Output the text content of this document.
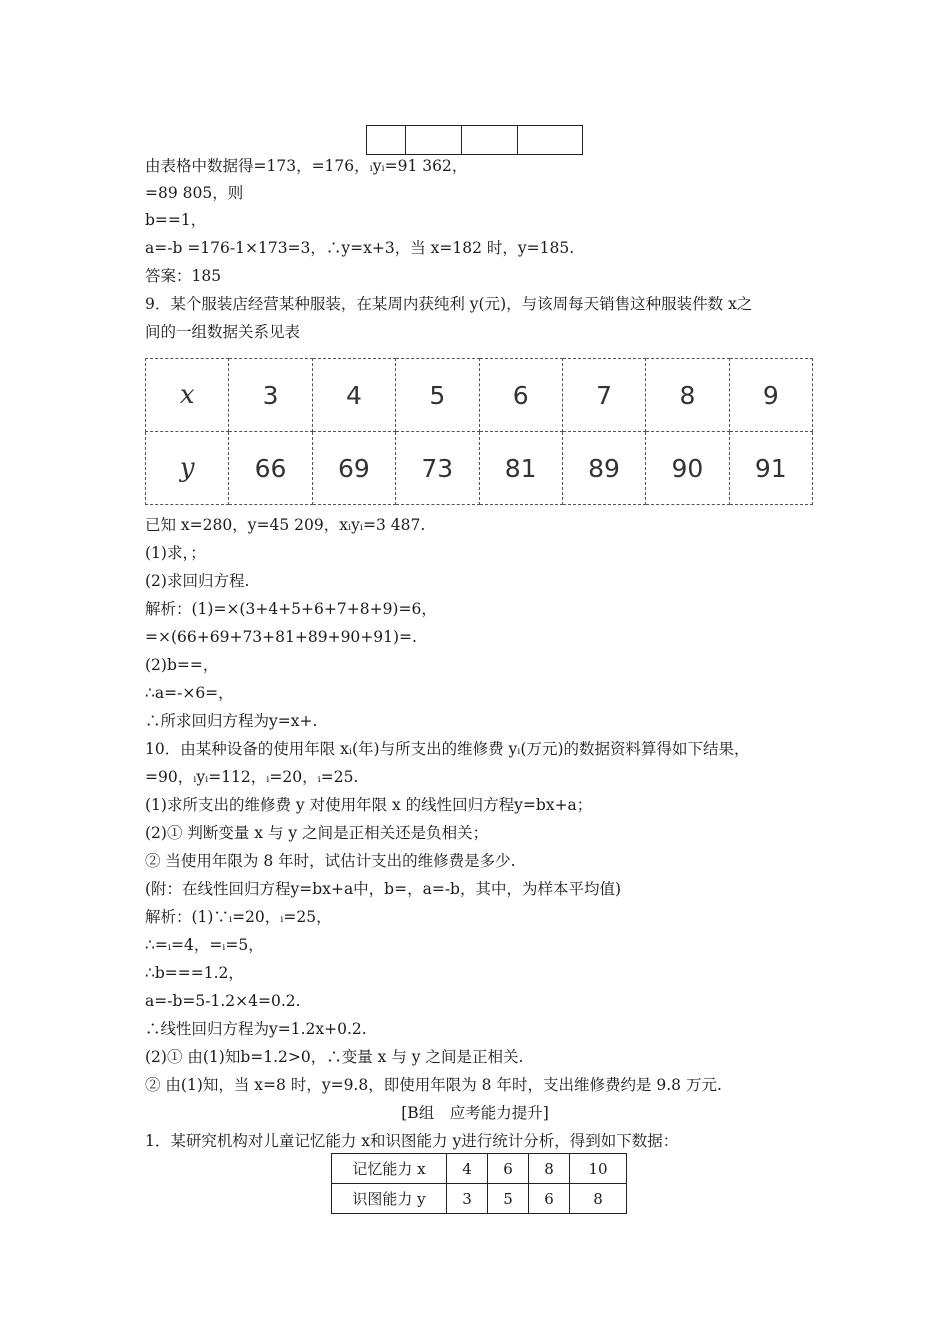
由表格中数据得=173，=176，ᵢyᵢ=91 362，
=89 805，则
b==1，
a=-b =176-1×173=3，∴y=x+3，当 x=182 时，y=185.
答案：185
9．某个服装店经营某种服装，在某周内获纯利 y(元)，与该周每天销售这种服装件数 x之
间的一组数据关系见表
x	3	4	5	6	7	8	9
y	66	69	73	81	89	90	91
已知 x=280，y=45 209，xᵢyᵢ=3 487.
(1)求，；
(2)求回归方程.
解析：(1)=×(3+4+5+6+7+8+9)=6，
=×(66+69+73+81+89+90+91)=.
(2)b==，
∴a=-×6=，
∴所求回归方程为y=x+.
10．由某种设备的使用年限 xᵢ(年)与所支出的维修费 yᵢ(万元)的数据资料算得如下结果，
=90，ᵢyᵢ=112，ᵢ=20，ᵢ=25.
(1)求所支出的维修费 y 对使用年限 x 的线性回归方程y=bx+a；
(2)① 判断变量 x 与 y 之间是正相关还是负相关；
② 当使用年限为 8 年时，试估计支出的维修费是多少.
(附：在线性回归方程y=bx+a中，b=，a=-b，其中，为样本平均值)
解析：(1)∵ᵢ=20，ᵢ=25，
∴=ᵢ=4，=ᵢ=5，
∴b===1.2，
a=-b=5-1.2×4=0.2.
∴线性回归方程为y=1.2x+0.2.
(2)① 由(1)知b=1.2>0，∴变量 x 与 y 之间是正相关.
② 由(1)知，当 x=8 时，y=9.8，即使用年限为 8 年时，支出维修费约是 9.8 万元.
[B组　应考能力提升]
1．某研究机构对儿童记忆能力 x和识图能力 y进行统计分析，得到如下数据：
记忆能力 x	4	6	8	10
识图能力 y	3	5	6	8
